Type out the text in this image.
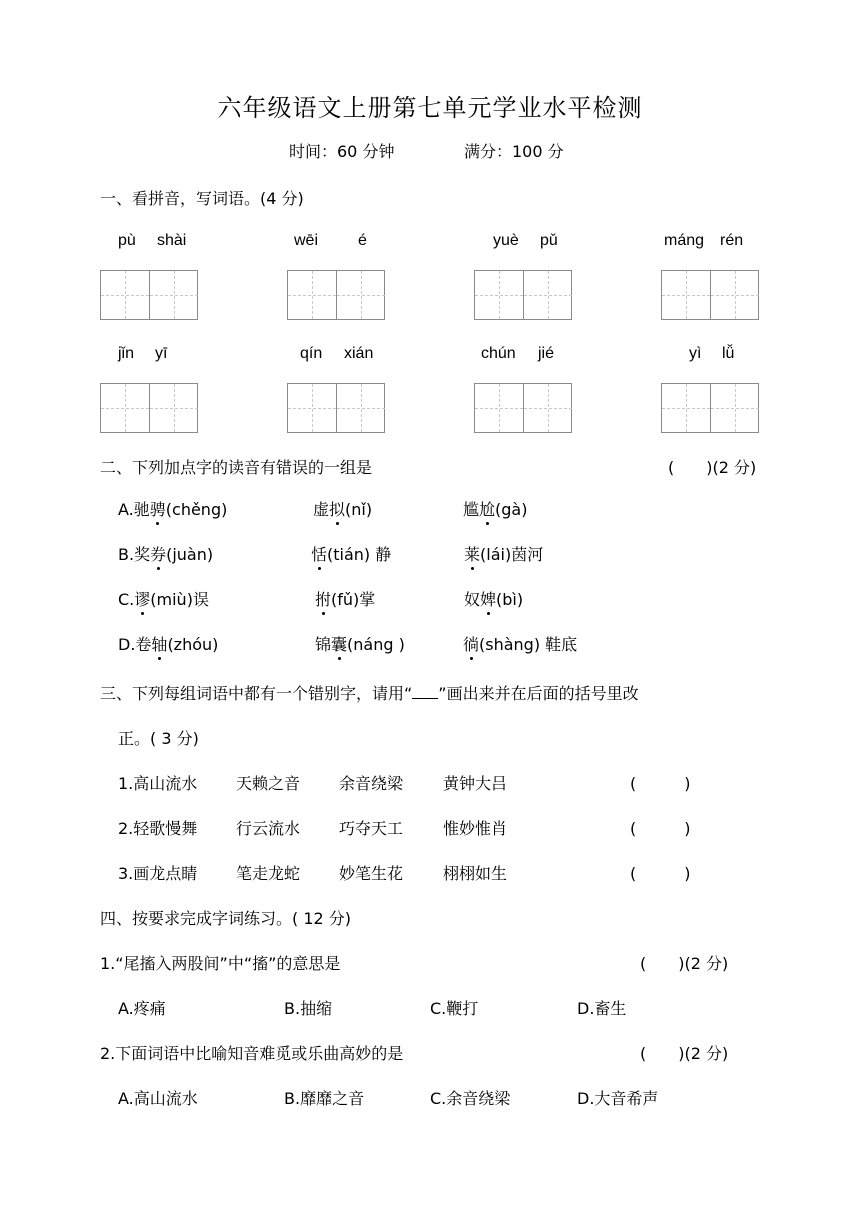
六年级语文上册第七单元学业水平检测
时间：60 分钟	满分：100 分
一、看拼音，写词语。(4 分)
pù shài	wēi é	yuè pǔ	máng rén
jǐn yī	qín xián	chún jié	yì lǚ
二、下列加点字的读音有错误的一组是	(　　)(2 分)
A.驰骋(chěng)	虚拟(nǐ)	尴尬(gà)
B.奖券(juàn)	恬(tián) 静	莱(lái)茵河
C.谬(miù)误	拊(fǔ)掌	奴婢(bì)
D.卷轴(zhóu)	锦囊(náng )	徜(shàng) 鞋底
三、下列每组词语中都有一个错别字，请用“ ”画出来并在后面的括号里改
正。( 3 分)
1.高山流水 天赖之音 余音绕梁 黄钟大吕	(　　　)
2.轻歌慢舞 行云流水 巧夺天工 惟妙惟肖	(　　　)
3.画龙点睛 笔走龙蛇 妙笔生花 栩栩如生	(　　　)
四、按要求完成字词练习。( 12 分)
1.“尾搐入两股间”中“搐”的意思是	(　　)(2 分)
A.疼痛	B.抽缩	C.鞭打	D.畜生
2.下面词语中比喻知音难觅或乐曲高妙的是	(　　)(2 分)
A.高山流水	B.靡靡之音	C.余音绕梁	D.大音希声
